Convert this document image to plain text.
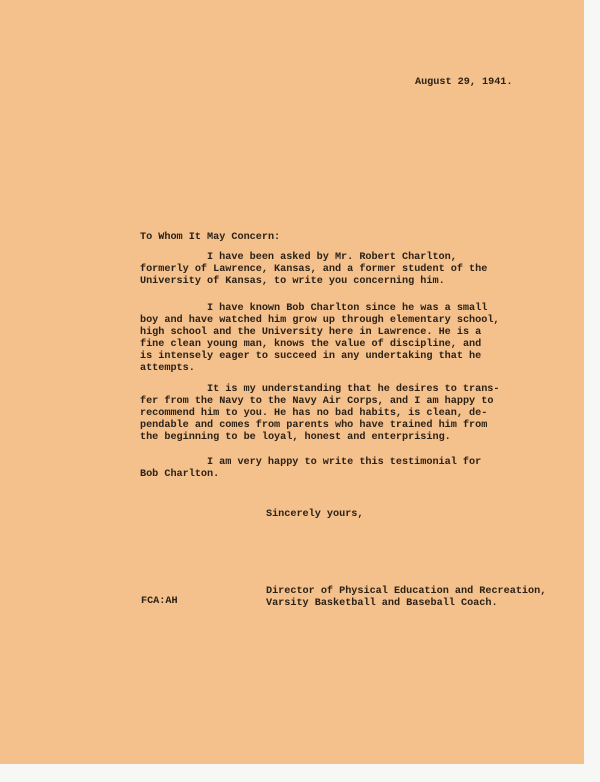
August 29, 1941.
To Whom It May Concern:
I have been asked by Mr. Robert Charlton,
formerly of Lawrence, Kansas, and a former student of the
University of Kansas, to write you concerning him.
I have known Bob Charlton since he was a small
boy and have watched him grow up through elementary school,
high school and the University here in Lawrence. He is a
fine clean young man, knows the value of discipline, and
is intensely eager to succeed in any undertaking that he
attempts.
It is my understanding that he desires to trans-
fer from the Navy to the Navy Air Corps, and I am happy to
recommend him to you. He has no bad habits, is clean, de-
pendable and comes from parents who have trained him from
the beginning to be loyal, honest and enterprising.
I am very happy to write this testimonial for
Bob Charlton.
Sincerely yours,
Director of Physical Education and Recreation,
Varsity Basketball and Baseball Coach.
FCA:AH
